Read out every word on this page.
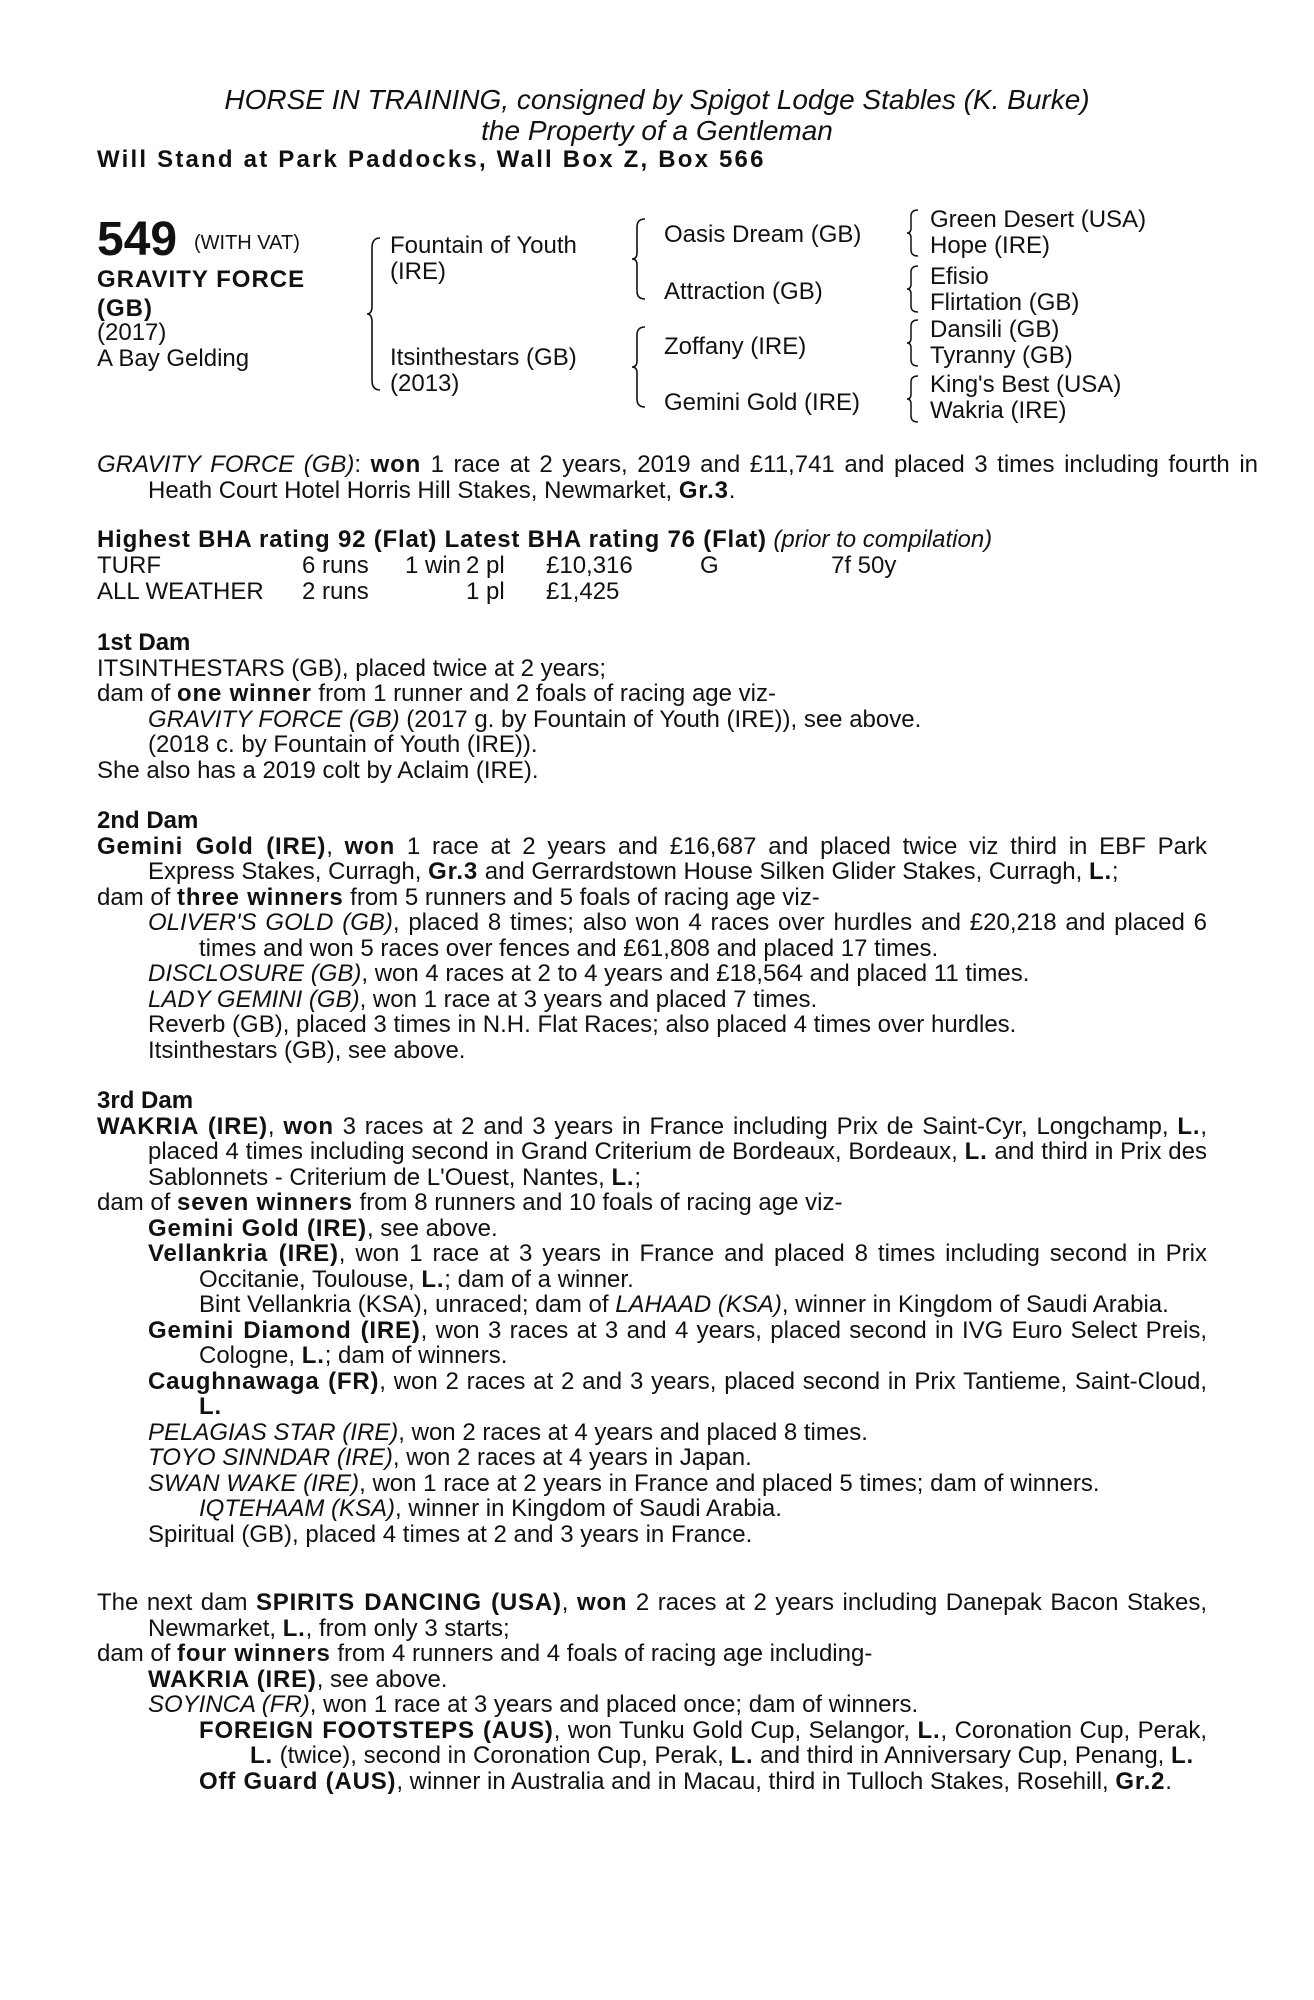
HORSE IN TRAINING, consigned by Spigot Lodge Stables (K. Burke)
the Property of a Gentleman
Will Stand at Park Paddocks, Wall Box Z, Box 566
549 (WITH VAT)
GRAVITY FORCE
(GB)
(2017)
A Bay Gelding
Fountain of Youth
(IRE)
Itsinthestars (GB)
(2013)
Oasis Dream (GB)
Attraction (GB)
Zoffany (IRE)
Gemini Gold (IRE)
Green Desert (USA)
Hope (IRE)
Efisio
Flirtation (GB)
Dansili (GB)
Tyranny (GB)
King's Best (USA)
Wakria (IRE)
GRAVITY FORCE (GB): won 1 race at 2 years, 2019 and £11,741 and placed 3 times including fourth in Heath Court Hotel Horris Hill Stakes, Newmarket, Gr.3.
Highest BHA rating 92 (Flat) Latest BHA rating 76 (Flat) (prior to compilation)
TURF	6 runs 1 win 2 pl £10,316	G	7f 50y
ALL WEATHER 2 runs	1 pl £1,425
1st Dam
ITSINTHESTARS (GB), placed twice at 2 years;
dam of one winner from 1 runner and 2 foals of racing age viz-
GRAVITY FORCE (GB) (2017 g. by Fountain of Youth (IRE)), see above.
(2018 c. by Fountain of Youth (IRE)).
She also has a 2019 colt by Aclaim (IRE).
2nd Dam
Gemini Gold (IRE), won 1 race at 2 years and £16,687 and placed twice viz third in EBF Park Express Stakes, Curragh, Gr.3 and Gerrardstown House Silken Glider Stakes, Curragh, L.;
dam of three winners from 5 runners and 5 foals of racing age viz-
OLIVER'S GOLD (GB), placed 8 times; also won 4 races over hurdles and £20,218 and placed 6 times and won 5 races over fences and £61,808 and placed 17 times.
DISCLOSURE (GB), won 4 races at 2 to 4 years and £18,564 and placed 11 times.
LADY GEMINI (GB), won 1 race at 3 years and placed 7 times.
Reverb (GB), placed 3 times in N.H. Flat Races; also placed 4 times over hurdles.
Itsinthestars (GB), see above.
3rd Dam
WAKRIA (IRE), won 3 races at 2 and 3 years in France including Prix de Saint-Cyr, Longchamp, L., placed 4 times including second in Grand Criterium de Bordeaux, Bordeaux, L. and third in Prix des Sablonnets - Criterium de L'Ouest, Nantes, L.;
dam of seven winners from 8 runners and 10 foals of racing age viz-
Gemini Gold (IRE), see above.
Vellankria (IRE), won 1 race at 3 years in France and placed 8 times including second in Prix Occitanie, Toulouse, L.; dam of a winner.
Bint Vellankria (KSA), unraced; dam of LAHAAD (KSA), winner in Kingdom of Saudi Arabia.
Gemini Diamond (IRE), won 3 races at 3 and 4 years, placed second in IVG Euro Select Preis, Cologne, L.; dam of winners.
Caughnawaga (FR), won 2 races at 2 and 3 years, placed second in Prix Tantieme, Saint-Cloud, L.
PELAGIAS STAR (IRE), won 2 races at 4 years and placed 8 times.
TOYO SINNDAR (IRE), won 2 races at 4 years in Japan.
SWAN WAKE (IRE), won 1 race at 2 years in France and placed 5 times; dam of winners.
IQTEHAAM (KSA), winner in Kingdom of Saudi Arabia.
Spiritual (GB), placed 4 times at 2 and 3 years in France.
The next dam SPIRITS DANCING (USA), won 2 races at 2 years including Danepak Bacon Stakes, Newmarket, L., from only 3 starts;
dam of four winners from 4 runners and 4 foals of racing age including-
WAKRIA (IRE), see above.
SOYINCA (FR), won 1 race at 3 years and placed once; dam of winners.
FOREIGN FOOTSTEPS (AUS), won Tunku Gold Cup, Selangor, L., Coronation Cup, Perak, L. (twice), second in Coronation Cup, Perak, L. and third in Anniversary Cup, Penang, L.
Off Guard (AUS), winner in Australia and in Macau, third in Tulloch Stakes, Rosehill, Gr.2.
